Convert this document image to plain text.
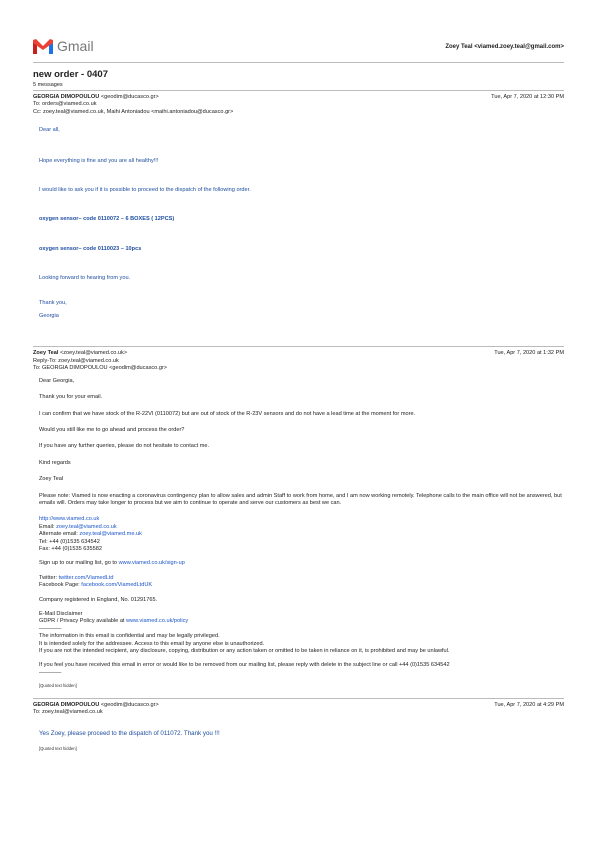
Gmail	Zoey Teal <viamed.zoey.teal@gmail.com>
new order - 0407
5 messages
GEORGIA DIMOPOULOU <geodim@ducasco.gr>	Tue, Apr 7, 2020 at 12:30 PM
To: orders@viamed.co.uk
Cc: zoey.teal@viamed.co.uk, Maihi Antoniadou <maihi.antoniadou@ducasco.gr>

Dear all,

Hope everything is fine and you are all healthy!!!

I would like to ask you if it is possible to proceed to the dispatch of the following order.

oxygen sensor– code 0110072 – 6 BOXES ( 12PCS)

oxygen sensor– code 0110023 – 10pcs

Looking forward to hearing from you.

Thank you,

Georgia

Zoey Teal <zoey.teal@viamed.co.uk>	Tue, Apr 7, 2020 at 1:32 PM
Reply-To: zoey.teal@viamed.co.uk
To: GEORGIA DIMOPOULOU <geodim@ducasco.gr>

Dear Georgia,

Thank you for your email.

I can confirm that we have stock of the R-22VI (0110072) but are out of stock of the R-23V sensors and do not have a lead time at the moment for more.

Would you still like me to go ahead and process the order?

If you have any further queries, please do not hesitate to contact me.

Kind regards

Zoey Teal

Please note: Viamed is now enacting a coronavirus contingency plan to allow sales and admin Staff to work from home, and I am now working remotely. Telephone calls to the main office will not be answered, but emails will. Orders may take longer to process but we aim to continue to operate and serve our customers as best we can.

http://www.viamed.co.uk

Email: zoey.teal@viamed.co.uk

Alternate email: zoey.teal@viamed.me.uk

Tel: +44 (0)1535 634542

Fax: +44 (0)1535 635582

Sign up to our mailing list, go to www.viamed.co.uk/sign-up

Twitter: twitter.com/ViamedLtd

Facebook Page: facebook.com/ViamedLtdUK

Company registered in England, No. 01291765.

E-Mail Disclaimer

GDPR / Privacy Policy available at www.viamed.co.uk/policy

————

The information in this email is confidential and may be legally privileged.

It is intended solely for the addressee. Access to this email by anyone else is unauthorized.

If you are not the intended recipient, any disclosure, copying, distribution or any action taken or omitted to be taken in reliance on it, is prohibited and may be unlawful.

If you feel you have received this email in error or would like to be removed from our mailing list, please reply with delete in the subject line or call +44 (0)1535 634542

————

[Quoted text hidden]

GEORGIA DIMOPOULOU <geodim@ducasco.gr>	Tue, Apr 7, 2020 at 4:29 PM
To: zoey.teal@viamed.co.uk

Yes Zoey, please proceed to the dispatch of 011072. Thank you !!!

[Quoted text hidden]
